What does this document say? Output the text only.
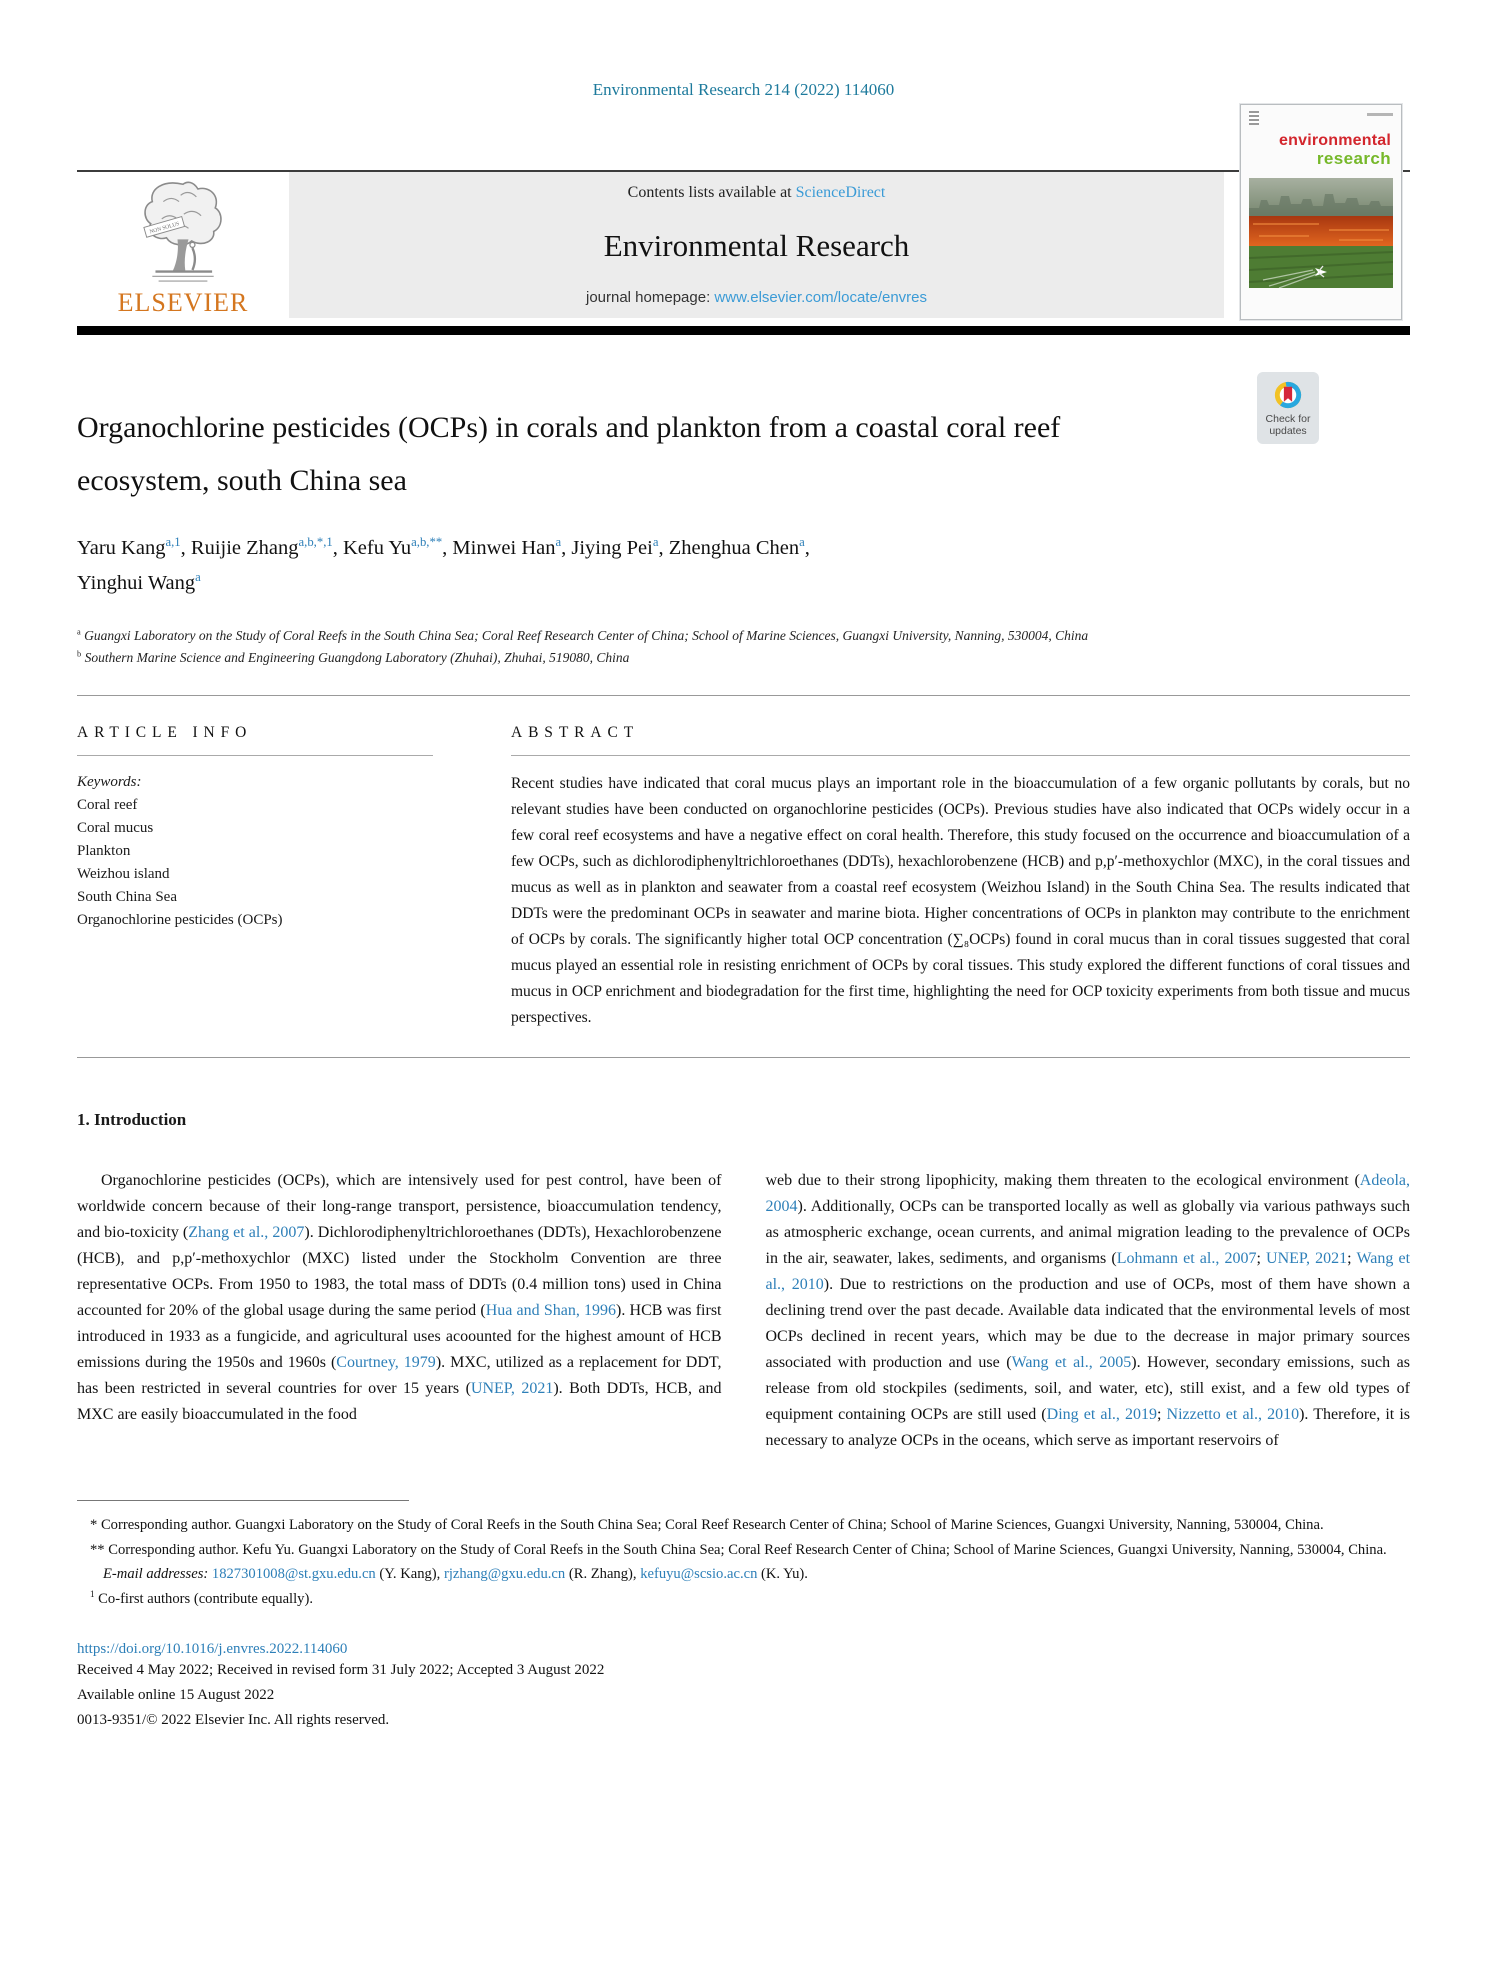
Environmental Research 214 (2022) 114060
NON SOLUS
ELSEVIER
Contents lists available at ScienceDirect
Environmental Research
journal homepage: www.elsevier.com/locate/envres
environmental
research
Organochlorine pesticides (OCPs) in corals and plankton from a coastal coral reef ecosystem, south China sea
Check for
updates
Yaru Kang$^{a,1}$, Ruijie Zhang$^{a,b,*,1}$, Kefu $Yu^{a,b,**}$, Minwei Han$^a$, Jiying Pei$^a$, Zhenghua Chen$^a$,
Yinghui Wang$^a$
$^a$ Guangxi Laboratory on the Study of Coral Reefs in the South China Sea; Coral Reef Research Center of China; School of Marine Sciences, Guangxi University, Nanning, 530004, China
$^b$ Southern Marine Science and Engineering Guangdong Laboratory (Zhuhai), Zhuhai, 519080, China
ARTICLE INFO
Keywords:
Coral reef
Coral mucus
Plankton
Weizhou island
South China Sea
Organochlorine pesticides (OCPs)
ABSTRACT

Recent studies have indicated that coral mucus plays an important role in the bioaccumulation of a few organic pollutants by corals, but no relevant studies have been conducted on organochlorine pesticides (OCPs). Previous studies have also indicated that OCPs widely occur in a few coral reef ecosystems and have a negative effect on coral health. Therefore, this study focused on the occurrence and bioaccumulation of a few OCPs, such as dichlorodiphenyltrichloroethanes (DDTs), hexachlorobenzene (HCB) and p,p′-methoxychlor (MXC), in the coral tissues and mucus as well as in plankton and seawater from a coastal reef ecosystem (Weizhou Island) in the South China Sea. The results indicated that DDTs were the predominant OCPs in seawater and marine biota. Higher concentrations of OCPs in plankton may contribute to the enrichment of OCPs by corals. The significantly higher total OCP concentration (∑₈OCPs) found in coral mucus than in coral tissues suggested that coral mucus played an essential role in resisting enrichment of OCPs by coral tissues. This study explored the different functions of coral tissues and mucus in OCP enrichment and biodegradation for the first time, highlighting the need for OCP toxicity experiments from both tissue and mucus perspectives.

1. Introduction

Organochlorine pesticides (OCPs), which are intensively used for pest control, have been of worldwide concern because of their long-range transport, persistence, bioaccumulation tendency, and bio-toxicity (Zhang et al., 2007). Dichlorodiphenyltrichloroethanes (DDTs), Hexachlorobenzene (HCB), and p,p′-methoxychlor (MXC) listed under the Stockholm Convention are three representative OCPs. From 1950 to 1983, the total mass of DDTs (0.4 million tons) used in China accounted for 20% of the global usage during the same period (Hua and Shan, 1996). HCB was first introduced in 1933 as a fungicide, and agricultural uses acoounted for the highest amount of HCB emissions during the 1950s and 1960s (Courtney, 1979). MXC, utilized as a replacement for DDT, has been restricted in several countries for over 15 years (UNEP, 2021). Both DDTs, HCB, and MXC are easily bioaccumulated in the food

web due to their strong lipophicity, making them threaten to the ecological environment (Adeola, 2004). Additionally, OCPs can be transported locally as well as globally via various pathways such as atmospheric exchange, ocean currents, and animal migration leading to the prevalence of OCPs in the air, seawater, lakes, sediments, and organisms (Lohmann et al., 2007; UNEP, 2021; Wang et al., 2010). Due to restrictions on the production and use of OCPs, most of them have shown a declining trend over the past decade. Available data indicated that the environmental levels of most OCPs declined in recent years, which may be due to the decrease in major primary sources associated with production and use (Wang et al., 2005). However, secondary emissions, such as release from old stockpiles (sediments, soil, and water, etc), still exist, and a few old types of equipment containing OCPs are still used (Ding et al., 2019; Nizzetto et al., 2010). Therefore, it is necessary to analyze OCPs in the oceans, which serve as important reservoirs of

* Corresponding author. Guangxi Laboratory on the Study of Coral Reefs in the South China Sea; Coral Reef Research Center of China; School of Marine Sciences, Guangxi University, Nanning, 530004, China.
** Corresponding author. Kefu Yu. Guangxi Laboratory on the Study of Coral Reefs in the South China Sea; Coral Reef Research Center of China; School of Marine Sciences, Guangxi University, Nanning, 530004, China.
E-mail addresses: 1827301008@st.gxu.edu.cn (Y. Kang), rjzhang@gxu.edu.cn (R. Zhang), kefuyu@scsio.ac.cn (K. Yu).
$^1$ Co-first authors (contribute equally).
https://doi.org/10.1016/j.envres.2022.114060
Received 4 May 2022; Received in revised form 31 July 2022; Accepted 3 August 2022
Available online 15 August 2022
0013-9351/© 2022 Elsevier Inc. All rights reserved.
